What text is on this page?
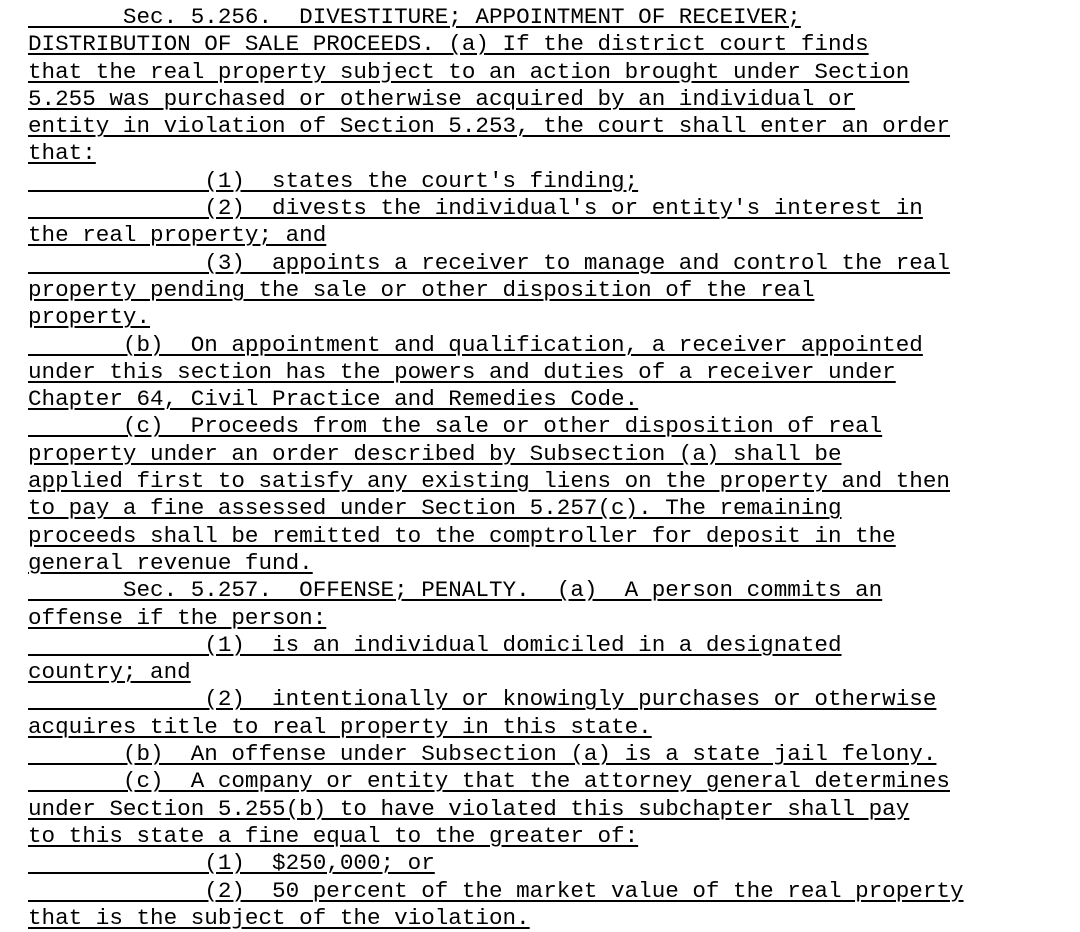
Sec. 5.256.  DIVESTITURE; APPOINTMENT OF RECEIVER;
DISTRIBUTION OF SALE PROCEEDS. (a) If the district court finds
that the real property subject to an action brought under Section
5.255 was purchased or otherwise acquired by an individual or
entity in violation of Section 5.253, the court shall enter an order
that:
(1)  states the court's finding;
(2)  divests the individual's or entity's interest in
the real property; and
(3)  appoints a receiver to manage and control the real
property pending the sale or other disposition of the real
property.
(b)  On appointment and qualification, a receiver appointed
under this section has the powers and duties of a receiver under
Chapter 64, Civil Practice and Remedies Code.
(c)  Proceeds from the sale or other disposition of real
property under an order described by Subsection (a) shall be
applied first to satisfy any existing liens on the property and then
to pay a fine assessed under Section 5.257(c). The remaining
proceeds shall be remitted to the comptroller for deposit in the
general revenue fund.
Sec. 5.257.  OFFENSE; PENALTY.  (a)  A person commits an
offense if the person:
(1)  is an individual domiciled in a designated
country; and
(2)  intentionally or knowingly purchases or otherwise
acquires title to real property in this state.
(b)  An offense under Subsection (a) is a state jail felony.
(c)  A company or entity that the attorney general determines
under Section 5.255(b) to have violated this subchapter shall pay
to this state a fine equal to the greater of:
(1)  $250,000; or
(2)  50 percent of the market value of the real property
that is the subject of the violation.
